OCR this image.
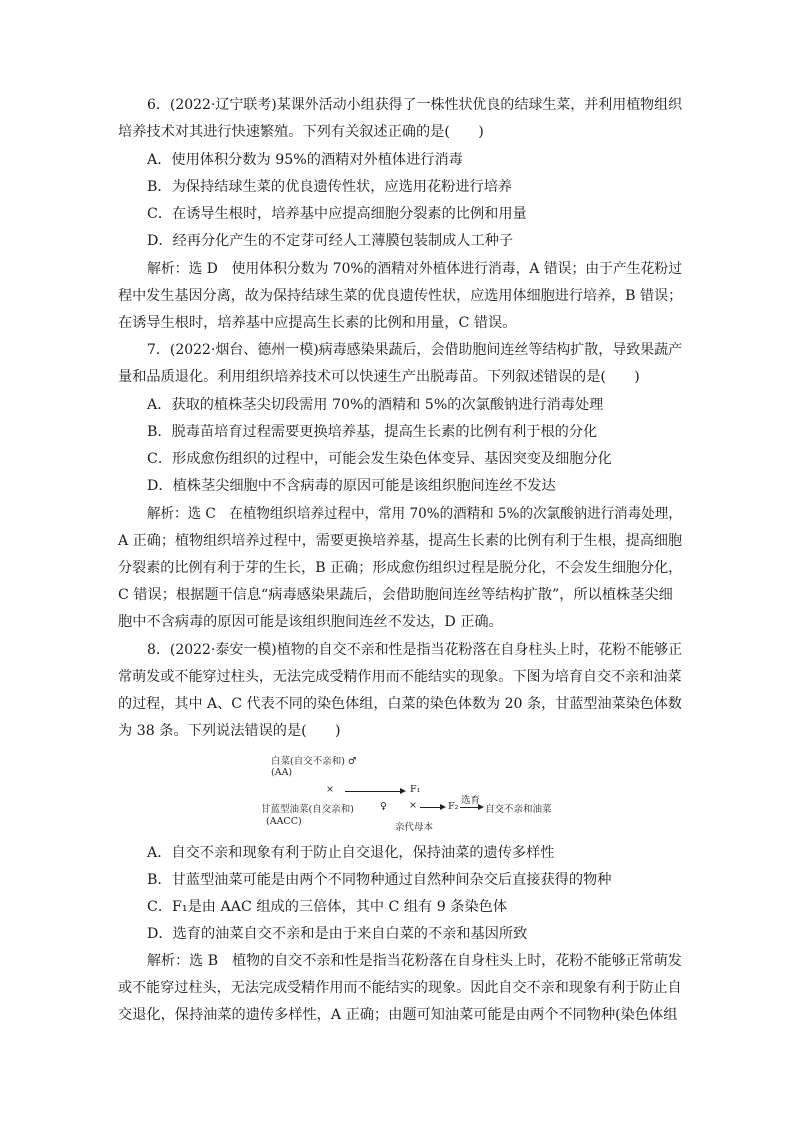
6．(2022·辽宁联考)某课外活动小组获得了一株性状优良的结球生菜，并利用植物组织
培养技术对其进行快速繁殖。下列有关叙述正确的是(　　)
A．使用体积分数为 95%的酒精对外植体进行消毒
B．为保持结球生菜的优良遗传性状，应选用花粉进行培养
C．在诱导生根时，培养基中应提高细胞分裂素的比例和用量
D．经再分化产生的不定芽可经人工薄膜包装制成人工种子
解析：选 D　使用体积分数为 70%的酒精对外植体进行消毒，A 错误；由于产生花粉过
程中发生基因分离，故为保持结球生菜的优良遗传性状，应选用体细胞进行培养，B 错误；
在诱导生根时，培养基中应提高生长素的比例和用量，C 错误。
7．(2022·烟台、德州一模)病毒感染果蔬后，会借助胞间连丝等结构扩散，导致果蔬产
量和品质退化。利用组织培养技术可以快速生产出脱毒苗。下列叙述错误的是(　　)
A．获取的植株茎尖切段需用 70%的酒精和 5%的次氯酸钠进行消毒处理
B．脱毒苗培育过程需要更换培养基，提高生长素的比例有利于根的分化
C．形成愈伤组织的过程中，可能会发生染色体变异、基因突变及细胞分化
D．植株茎尖细胞中不含病毒的原因可能是该组织胞间连丝不发达
解析：选 C　在植物组织培养过程中，常用 70%的酒精和 5%的次氯酸钠进行消毒处理，
A 正确；植物组织培养过程中，需要更换培养基，提高生长素的比例有利于生根，提高细胞
分裂素的比例有利于芽的生长，B 正确；形成愈伤组织过程是脱分化，不会发生细胞分化，
C 错误；根据题干信息“病毒感染果蔬后，会借助胞间连丝等结构扩散”，所以植株茎尖细
胞中不含病毒的原因可能是该组织胞间连丝不发达，D 正确。
8．(2022·泰安一模)植物的自交不亲和性是指当花粉落在自身柱头上时，花粉不能够正
常萌发或不能穿过柱头，无法完成受精作用而不能结实的现象。下图为培育自交不亲和油菜
的过程，其中 A、C 代表不同的染色体组，白菜的染色体数为 20 条，甘蓝型油菜染色体数
为 38 条。下列说法错误的是(　　)
白菜(自交不亲和) ♂
(AA)
×	F₁
甘蓝型油菜(自交亲和)	♀ ×	F₂
选育
自交不亲和油菜
(AACC)
亲代母本
A．自交不亲和现象有利于防止自交退化，保持油菜的遗传多样性
B．甘蓝型油菜可能是由两个不同物种通过自然种间杂交后直接获得的物种
C．F₁是由 AAC 组成的三倍体，其中 C 组有 9 条染色体
D．选育的油菜自交不亲和是由于来自白菜的不亲和基因所致
解析：选 B　植物的自交不亲和性是指当花粉落在自身柱头上时，花粉不能够正常萌发
或不能穿过柱头，无法完成受精作用而不能结实的现象。因此自交不亲和现象有利于防止自
交退化，保持油菜的遗传多样性，A 正确；由题可知油菜可能是由两个不同物种(染色体组
